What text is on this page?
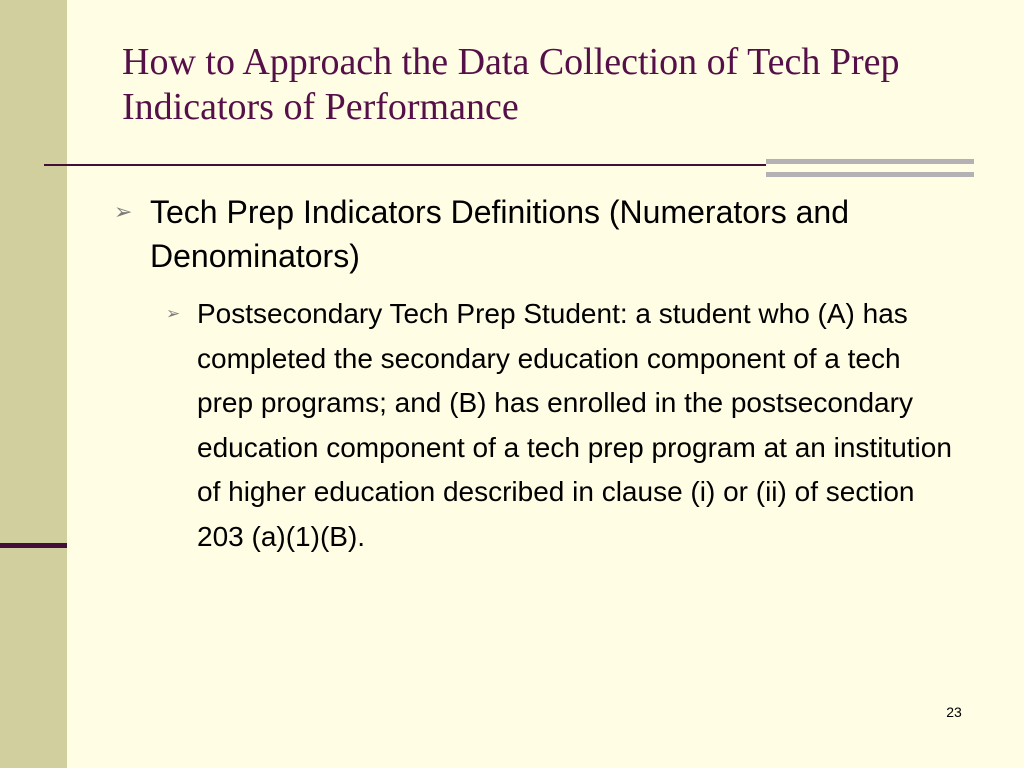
How to Approach the Data Collection of Tech Prep Indicators of Performance
➢ Tech Prep Indicators Definitions (Numerators and Denominators)
➢ Postsecondary Tech Prep Student: a student who (A) has completed the secondary education component of a tech prep programs; and (B) has enrolled in the postsecondary education component of a tech prep program at an institution of higher education described in clause (i) or (ii) of section 203 (a)(1)(B).
23
